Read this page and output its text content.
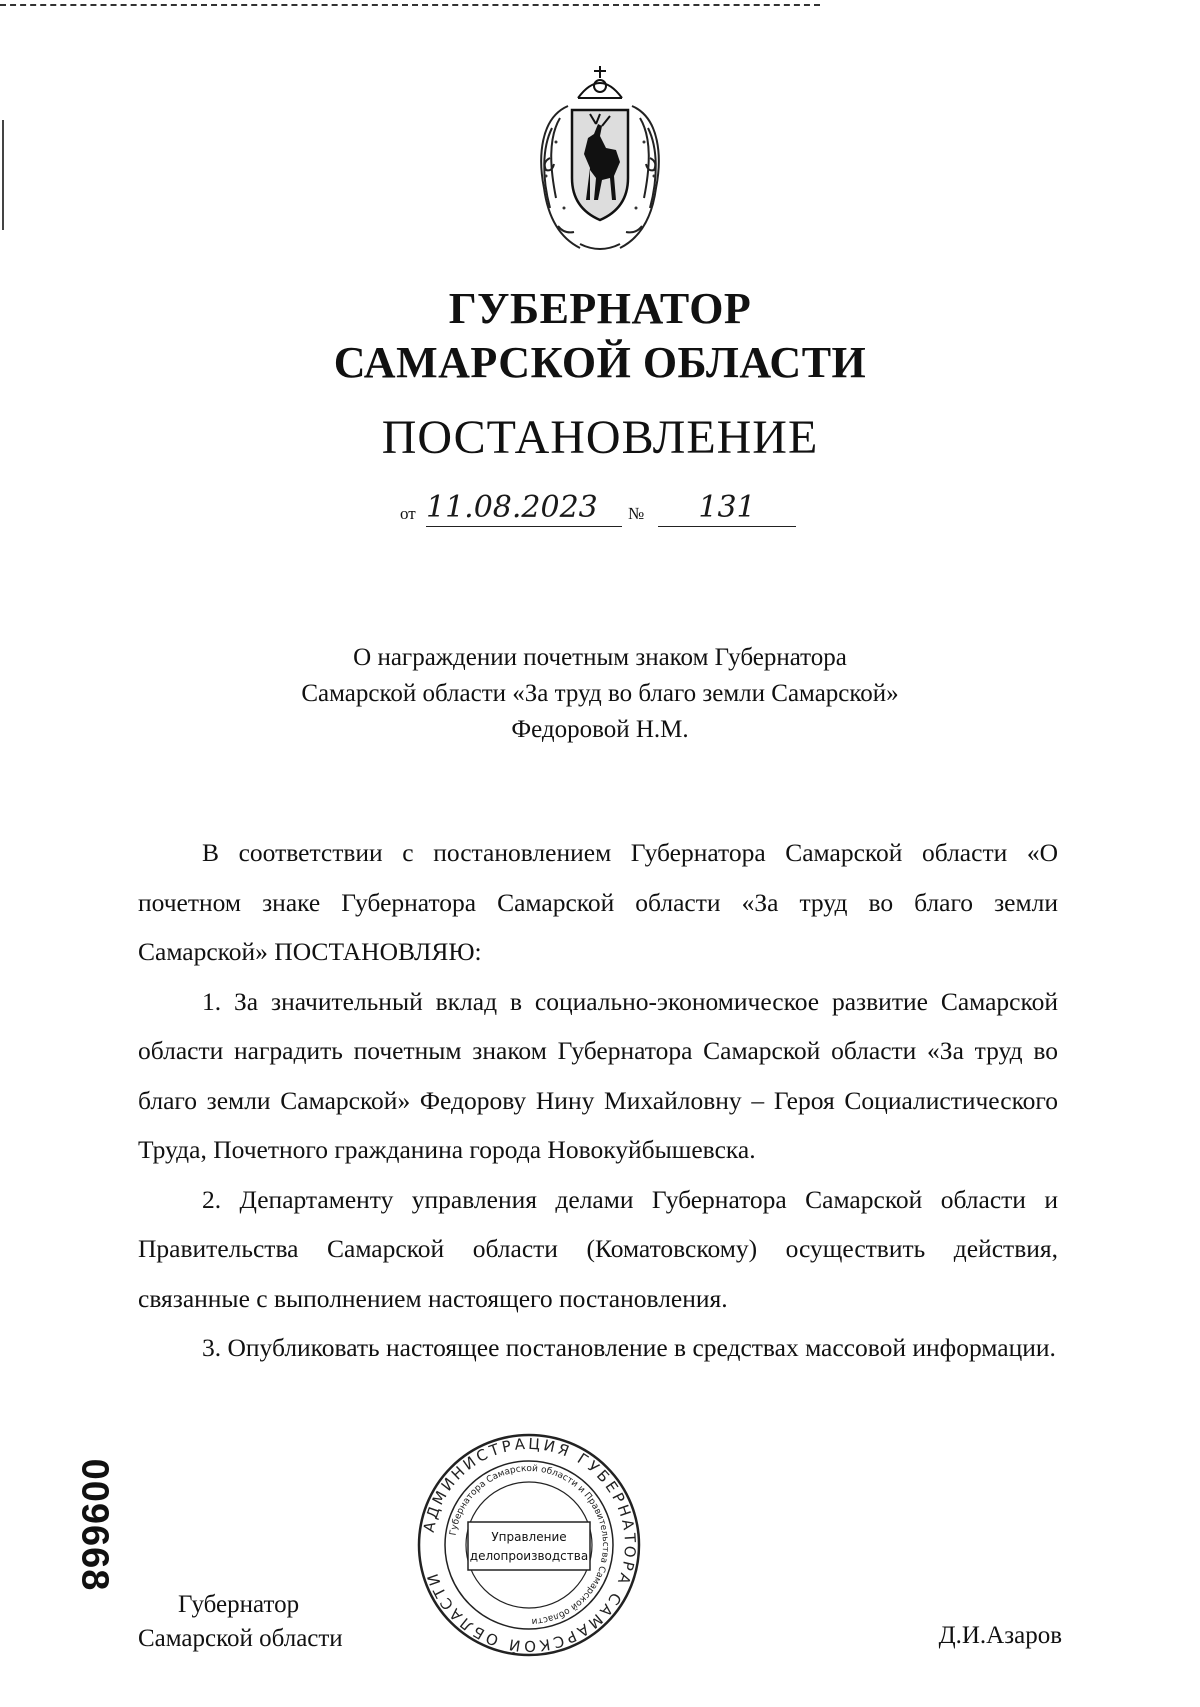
ГУБЕРНАТОР
САМАРСКОЙ ОБЛАСТИ
ПОСТАНОВЛЕНИЕ
от 11.08.2023	№	131
О награждении почетным знаком Губернатора
Самарской области «За труд во благо земли Самарской»
Федоровой Н.М.

В соответствии с постановлением Губернатора Самарской области «О почетном знаке Губернатора Самарской области «За труд во благо земли Самарской» ПОСТАНОВЛЯЮ:

1. За значительный вклад в социально-экономическое развитие Самарской области наградить почетным знаком Губернатора Самарской области «За труд во благо земли Самарской» Федорову Нину Михайловну – Героя Социалистического Труда, Почетного гражданина города Новокуйбышевска.

2. Департаменту управления делами Губернатора Самарской области и Правительства Самарской области (Коматовскому) осуществить действия, связанные с выполнением настоящего постановления.

3. Опубликовать настоящее постановление в средствах массовой информации.

Губернатор
Самарской области	Д.И.Азаров
АДМИНИСТРАЦИЯ ГУБЕРНАТОРА САМАРСКОЙ ОБЛАСТИ
Губернатора Самарской области и Правительства Самарской области
Управление
делопроизводства
009668
